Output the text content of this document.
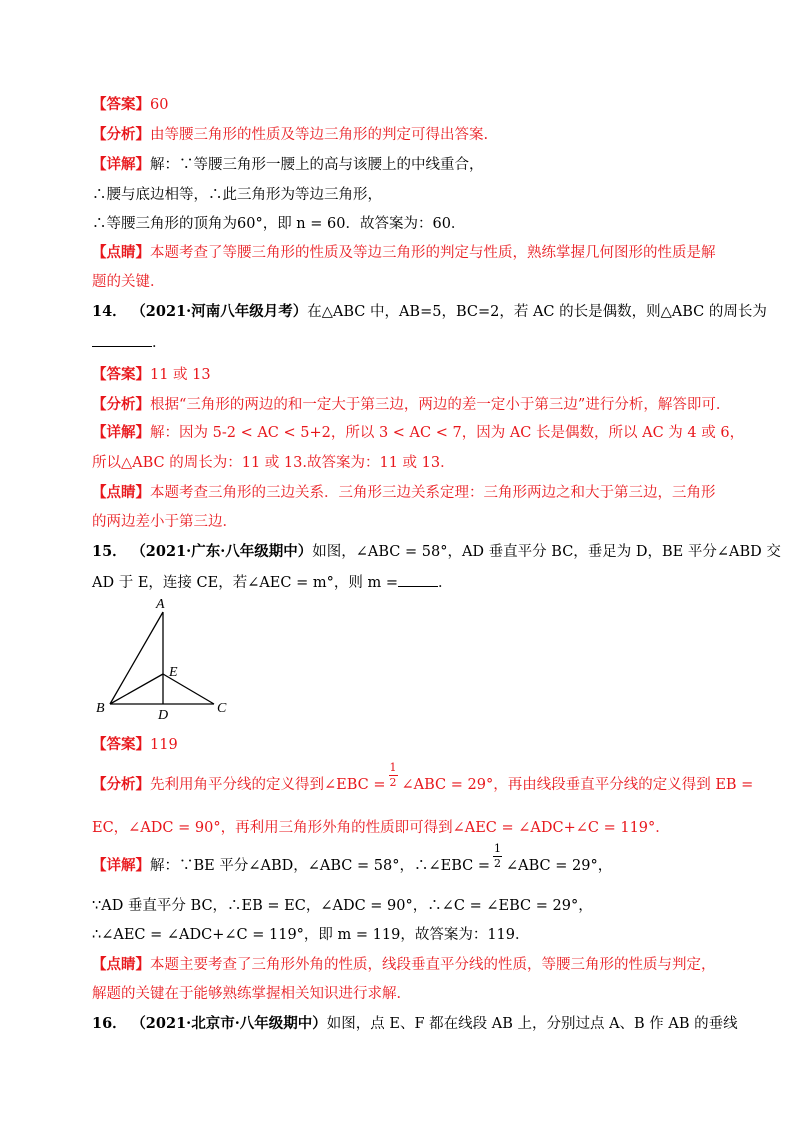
【答案】60
【分析】由等腰三角形的性质及等边三角形的判定可得出答案.
【详解】解：∵等腰三角形一腰上的高与该腰上的中线重合，
∴腰与底边相等，∴此三角形为等边三角形，
∴等腰三角形的顶角为60°，即 n = 60．故答案为：60．
【点睛】本题考查了等腰三角形的性质及等边三角形的判定与性质，熟练掌握几何图形的性质是解
题的关键．
14． （2021·河南八年级月考）在△ABC 中，AB=5，BC=2，若 AC 的长是偶数，则△ABC 的周长为
．
【答案】11 或 13
【分析】根据“三角形的两边的和一定大于第三边，两边的差一定小于第三边”进行分析，解答即可．
【详解】解：因为 5-2 < AC < 5+2，所以 3 < AC < 7，因为 AC 长是偶数，所以 AC 为 4 或 6，
所以△ABC 的周长为：11 或 13.故答案为：11 或 13．
【点睛】本题考查三角形的三边关系．三角形三边关系定理：三角形两边之和大于第三边，三角形
的两边差小于第三边．
15． （2021·广东·八年级期中）如图，∠ABC = 58°，AD 垂直平分 BC，垂足为 D，BE 平分∠ABD 交
AD 于 E，连接 CE，若∠AEC = m°，则 m =	．
A
E
B	D	C
【答案】119
【分析】先利用角平分线的定义得到∠EBC = $\frac{1}{2}$ ∠ABC = 29°，再由线段垂直平分线的定义得到 EB =
EC，∠ADC = 90°，再利用三角形外角的性质即可得到∠AEC = ∠ADC+∠C = 119°．
【详解】解：∵BE 平分∠ABD，∠ABC = 58°，∴∠EBC = $\frac{1}{2}$ ∠ABC = 29°，
∵AD 垂直平分 BC，∴EB = EC，∠ADC = 90°，∴∠C = ∠EBC = 29°，
∴∠AEC = ∠ADC+∠C = 119°，即 m = 119，故答案为：119．
【点睛】本题主要考查了三角形外角的性质，线段垂直平分线的性质，等腰三角形的性质与判定，
解题的关键在于能够熟练掌握相关知识进行求解．
16． （2021·北京市·八年级期中）如图，点 E、F 都在线段 AB 上，分别过点 A、B 作 AB 的垂线
